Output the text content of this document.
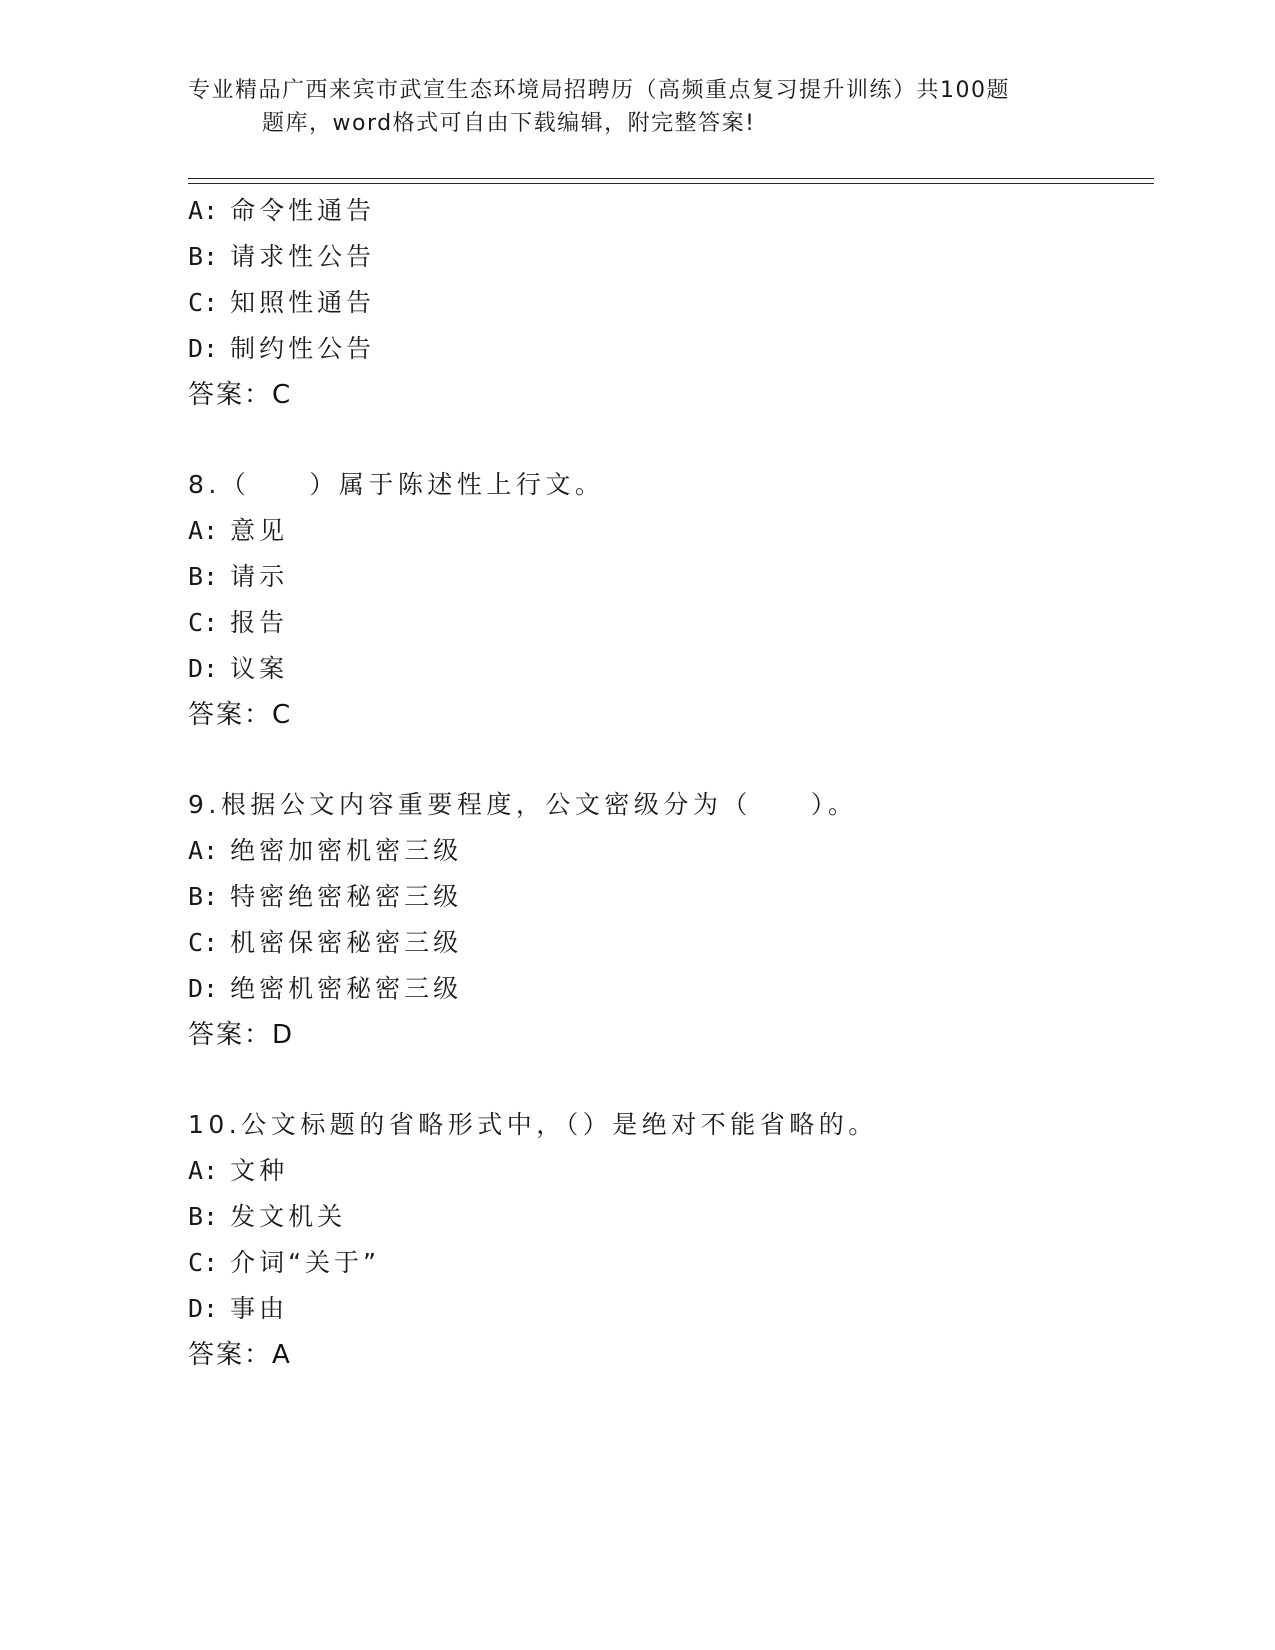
专业精品广西来宾市武宣生态环境局招聘历（高频重点复习提升训练）共100题
题库，word格式可自由下载编辑，附完整答案!
A: 命令性通告
B: 请求性公告
C: 知照性通告
D: 制约性公告
答案：C
8.（　　）属于陈述性上行文。
A: 意见
B: 请示
C: 报告
D: 议案
答案：C
9.根据公文内容重要程度，公文密级分为（　　）。
A: 绝密加密机密三级
B: 特密绝密秘密三级
C: 机密保密秘密三级
D: 绝密机密秘密三级
答案：D
10.公文标题的省略形式中，（）是绝对不能省略的。
A: 文种
B: 发文机关
C: 介词“关于”
D: 事由
答案：A
